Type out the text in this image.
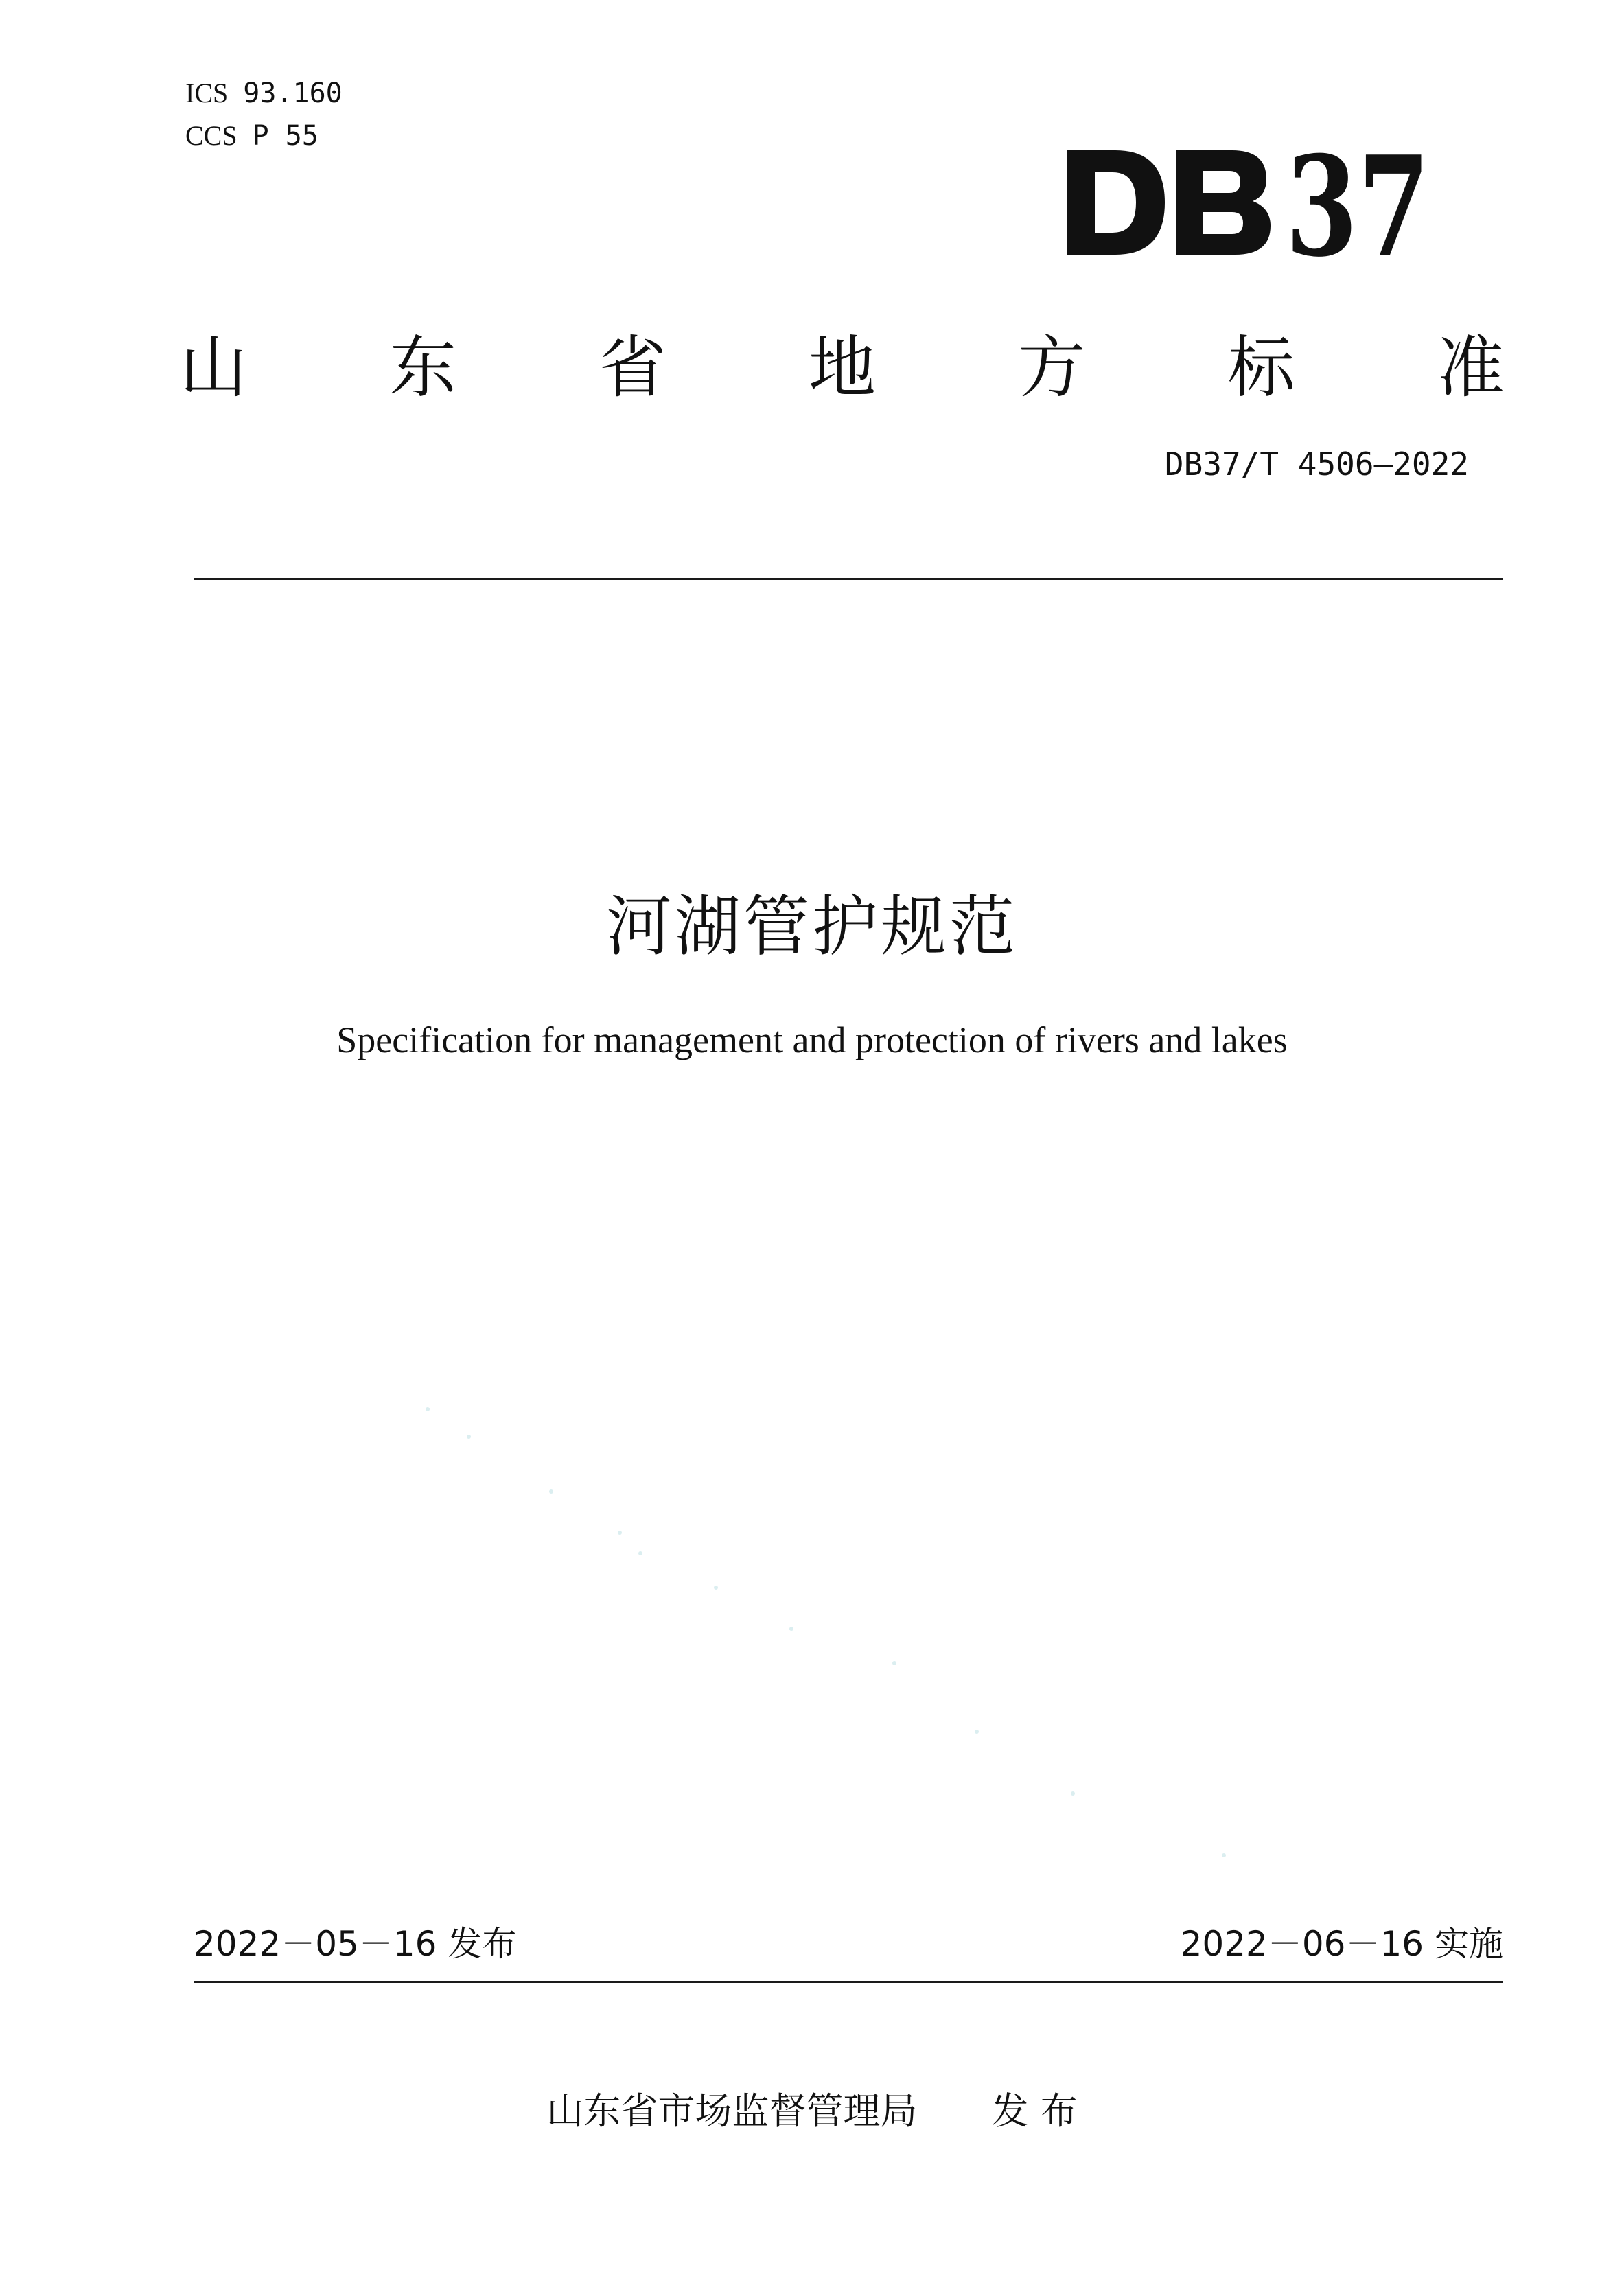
ICS 93.160
CCS P 55	37
山 东 省 地 方 标 准
DB37/T 4506—2022
河湖管护规范
Specification for management and protection of rivers and lakes
2022－05－16 发布	2022－06－16 实施
山东省市场监督管理局　　发 布
